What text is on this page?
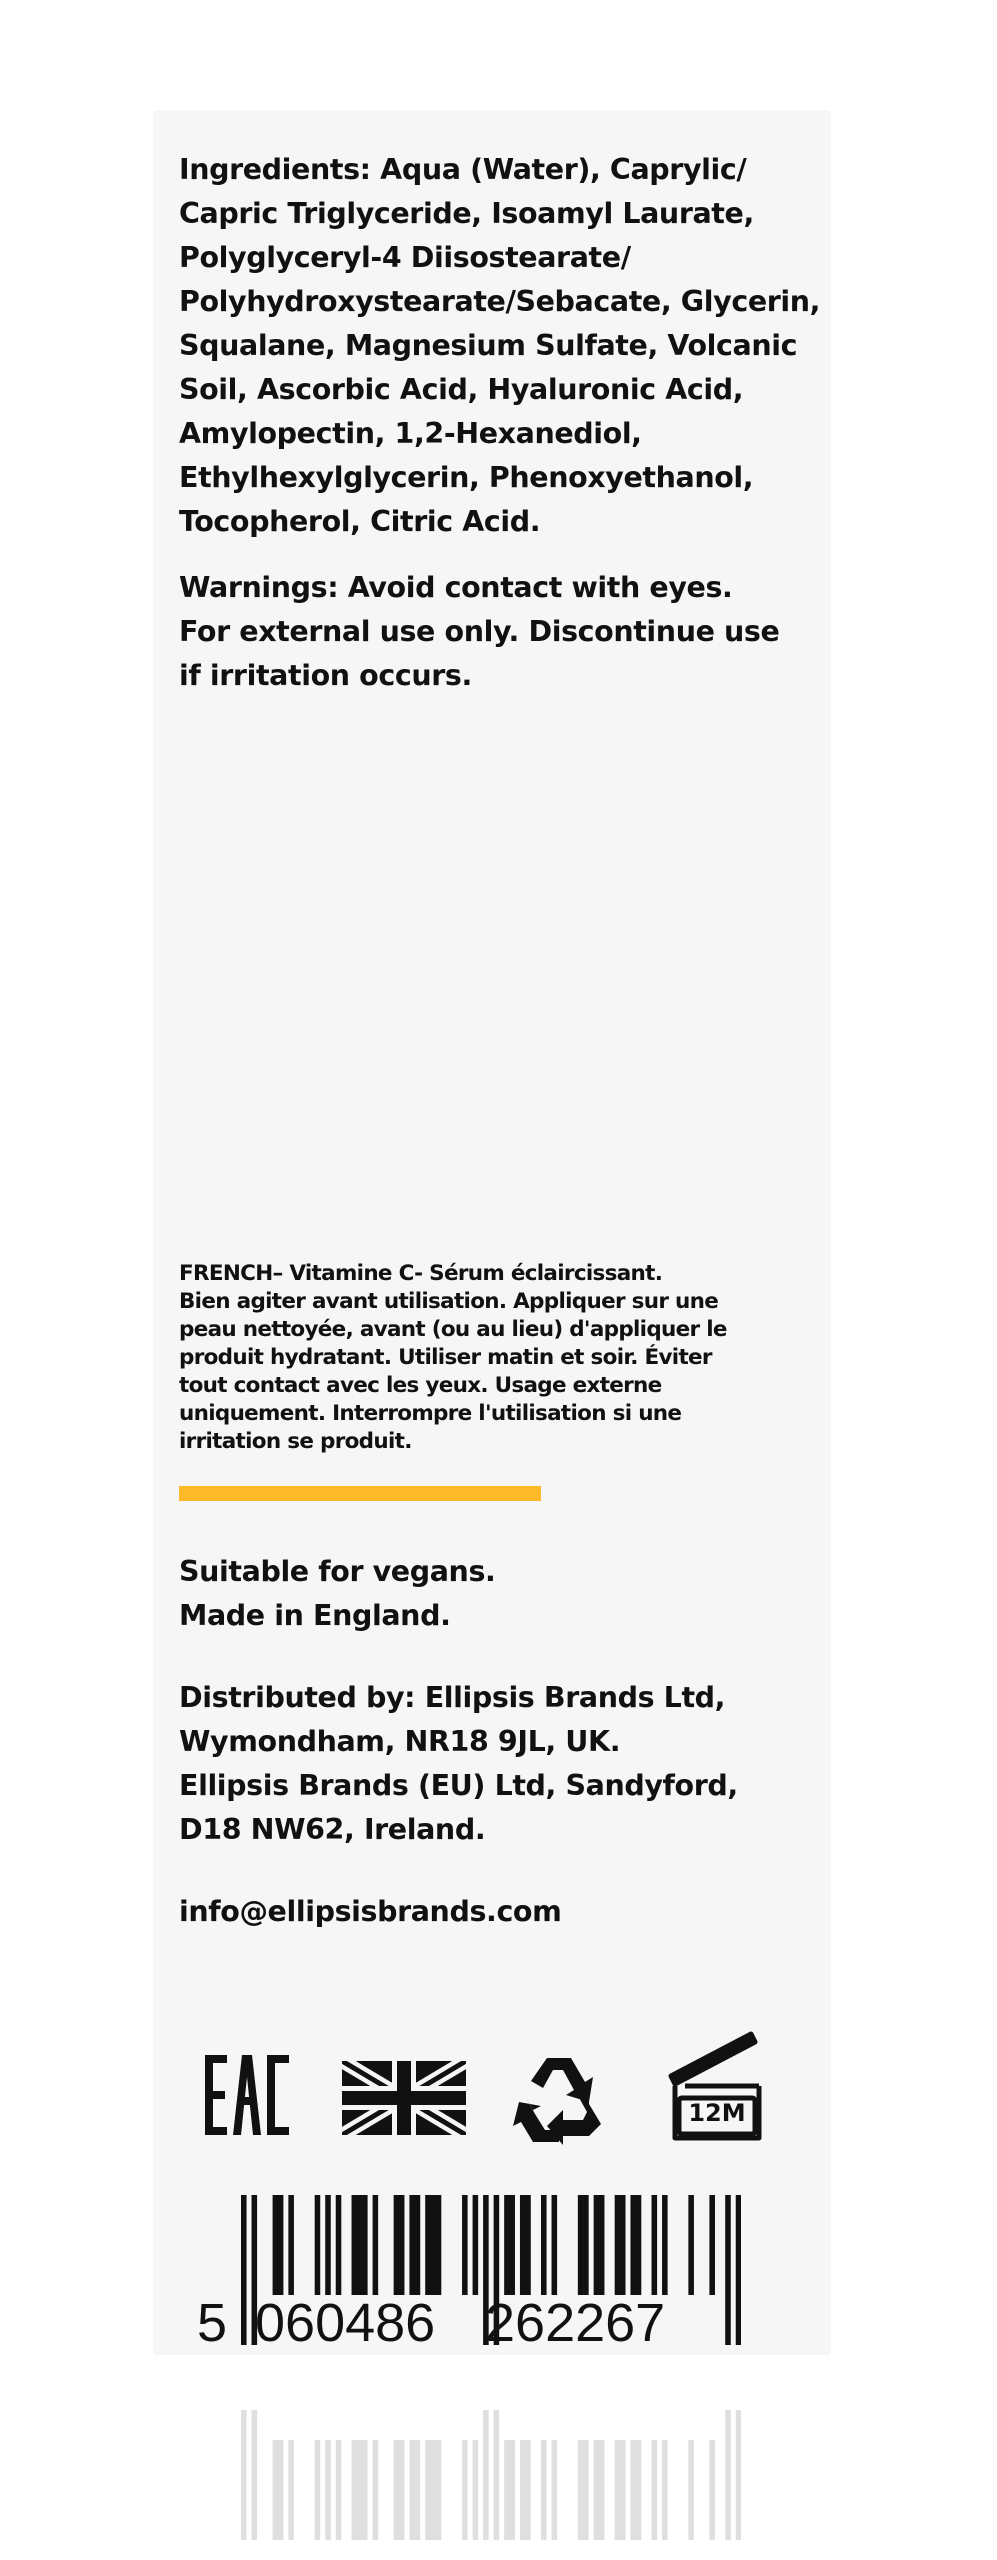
Ingredients: Aqua (Water), Caprylic/
Capric Triglyceride, Isoamyl Laurate,
Polyglyceryl-4 Diisostearate/
Polyhydroxystearate/Sebacate, Glycerin,
Squalane, Magnesium Sulfate, Volcanic
Soil, Ascorbic Acid, Hyaluronic Acid,
Amylopectin, 1,2-Hexanediol,
Ethylhexylglycerin, Phenoxyethanol,
Tocopherol, Citric Acid.

Warnings: Avoid contact with eyes.
For external use only. Discontinue use
if irritation occurs.

FRENCH– Vitamine C- Sérum éclaircissant.
Bien agiter avant utilisation. Appliquer sur une
peau nettoyée, avant (ou au lieu) d'appliquer le
produit hydratant. Utiliser matin et soir. Éviter
tout contact avec les yeux. Usage externe
uniquement. Interrompre l'utilisation si une
irritation se produit.

Suitable for vegans.
Made in England.

Distributed by: Ellipsis Brands Ltd,
Wymondham, NR18 9JL, UK.
Ellipsis Brands (EU) Ltd, Sandyford,
D18 NW62, Ireland.

info@ellipsisbrands.com

12M
5 060486 262267
